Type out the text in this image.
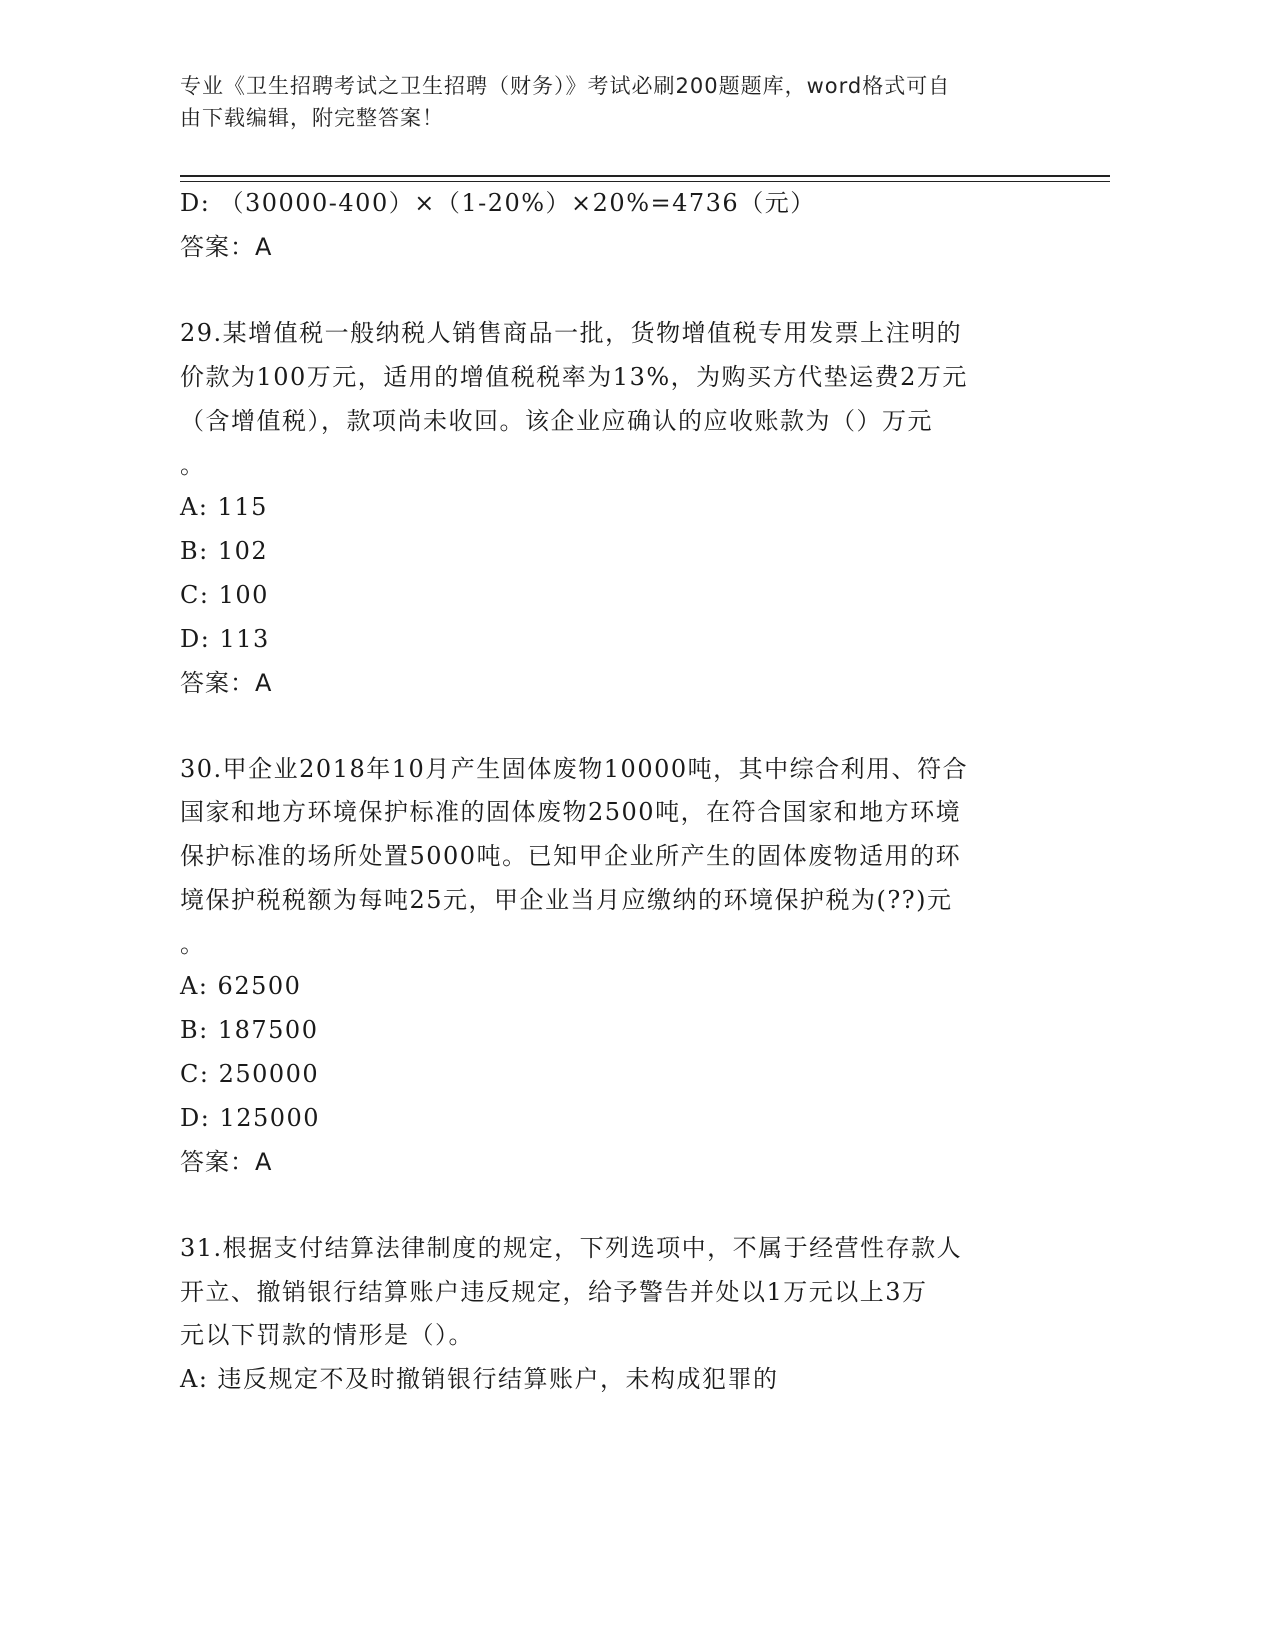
专业《卫生招聘考试之卫生招聘（财务）》考试必刷200题题库，word格式可自
由下载编辑，附完整答案！
D: （30000-400）×（1-20%）×20%=4736（元）
答案：A
29.某增值税一般纳税人销售商品一批，货物增值税专用发票上注明的
价款为100万元，适用的增值税税率为13%，为购买方代垫运费2万元
（含增值税），款项尚未收回。该企业应确认的应收账款为（）万元
。
A: 115
B: 102
C: 100
D: 113
答案：A
30.甲企业2018年10月产生固体废物10000吨，其中综合利用、符合
国家和地方环境保护标准的固体废物2500吨，在符合国家和地方环境
保护标准的场所处置5000吨。已知甲企业所产生的固体废物适用的环
境保护税税额为每吨25元，甲企业当月应缴纳的环境保护税为(??)元
。
A: 62500
B: 187500
C: 250000
D: 125000
答案：A
31.根据支付结算法律制度的规定，下列选项中，不属于经营性存款人
开立、撤销银行结算账户违反规定，给予警告并处以1万元以上3万
元以下罚款的情形是（）。
A: 违反规定不及时撤销银行结算账户，未构成犯罪的
